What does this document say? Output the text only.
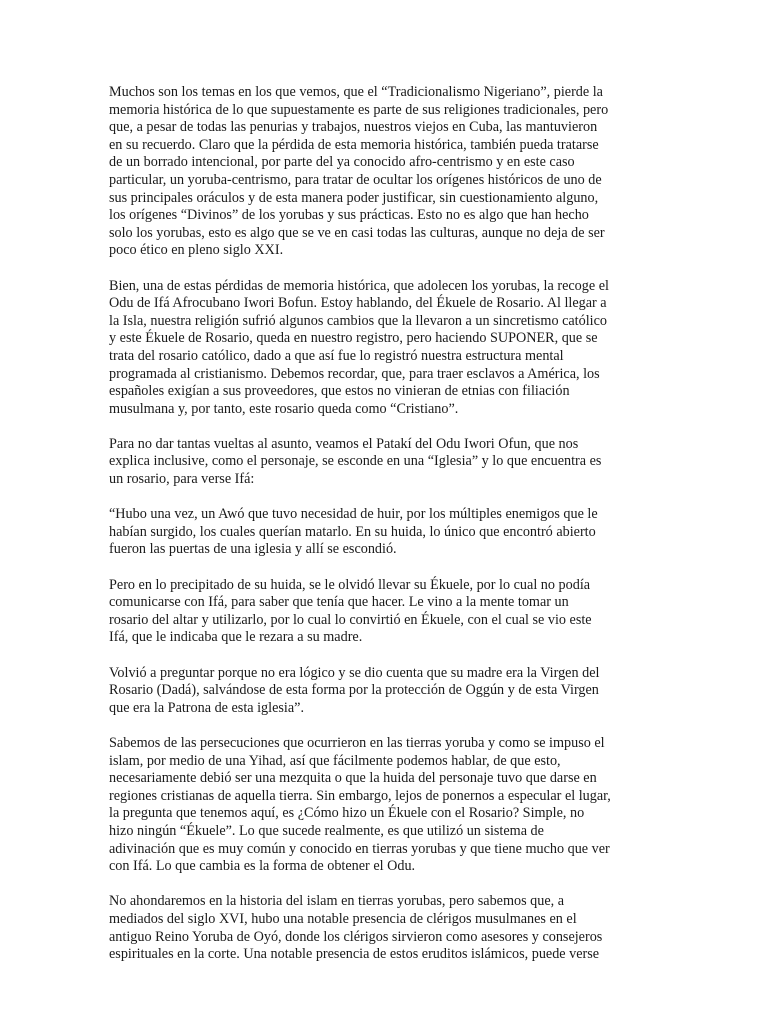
Muchos son los temas en los que vemos, que el “Tradicionalismo Nigeriano”, pierde la
memoria histórica de lo que supuestamente es parte de sus religiones tradicionales, pero
que, a pesar de todas las penurias y trabajos, nuestros viejos en Cuba, las mantuvieron
en su recuerdo. Claro que la pérdida de esta memoria histórica, también pueda tratarse
de un borrado intencional, por parte del ya conocido afro-centrismo y en este caso
particular, un yoruba-centrismo, para tratar de ocultar los orígenes históricos de uno de
sus principales oráculos y de esta manera poder justificar, sin cuestionamiento alguno,
los orígenes “Divinos” de los yorubas y sus prácticas. Esto no es algo que han hecho
solo los yorubas, esto es algo que se ve en casi todas las culturas, aunque no deja de ser
poco ético en pleno siglo XXI.

Bien, una de estas pérdidas de memoria histórica, que adolecen los yorubas, la recoge el
Odu de Ifá Afrocubano Iwori Bofun. Estoy hablando, del Ékuele de Rosario. Al llegar a
la Isla, nuestra religión sufrió algunos cambios que la llevaron a un sincretismo católico
y este Ékuele de Rosario, queda en nuestro registro, pero haciendo SUPONER, que se
trata del rosario católico, dado a que así fue lo registró nuestra estructura mental
programada al cristianismo. Debemos recordar, que, para traer esclavos a América, los
españoles exigían a sus proveedores, que estos no vinieran de etnias con filiación
musulmana y, por tanto, este rosario queda como “Cristiano”.

Para no dar tantas vueltas al asunto, veamos el Patakí del Odu Iwori Ofun, que nos
explica inclusive, como el personaje, se esconde en una “Iglesia” y lo que encuentra es
un rosario, para verse Ifá:

“Hubo una vez, un Awó que tuvo necesidad de huir, por los múltiples enemigos que le
habían surgido, los cuales querían matarlo. En su huida, lo único que encontró abierto
fueron las puertas de una iglesia y allí se escondió.

Pero en lo precipitado de su huida, se le olvidó llevar su Ékuele, por lo cual no podía
comunicarse con Ifá, para saber que tenía que hacer. Le vino a la mente tomar un
rosario del altar y utilizarlo, por lo cual lo convirtió en Ékuele, con el cual se vio este
Ifá, que le indicaba que le rezara a su madre.

Volvió a preguntar porque no era lógico y se dio cuenta que su madre era la Virgen del
Rosario (Dadá), salvándose de esta forma por la protección de Oggún y de esta Virgen
que era la Patrona de esta iglesia”.

Sabemos de las persecuciones que ocurrieron en las tierras yoruba y como se impuso el
islam, por medio de una Yihad, así que fácilmente podemos hablar, de que esto,
necesariamente debió ser una mezquita o que la huida del personaje tuvo que darse en
regiones cristianas de aquella tierra. Sin embargo, lejos de ponernos a especular el lugar,
la pregunta que tenemos aquí, es ¿Cómo hizo un Ékuele con el Rosario? Simple, no
hizo ningún “Ékuele”. Lo que sucede realmente, es que utilizó un sistema de
adivinación que es muy común y conocido en tierras yorubas y que tiene mucho que ver
con Ifá. Lo que cambia es la forma de obtener el Odu.

No ahondaremos en la historia del islam en tierras yorubas, pero sabemos que, a
mediados del siglo XVI, hubo una notable presencia de clérigos musulmanes en el
antiguo Reino Yoruba de Oyó, donde los clérigos sirvieron como asesores y consejeros
espirituales en la corte. Una notable presencia de estos eruditos islámicos, puede verse
